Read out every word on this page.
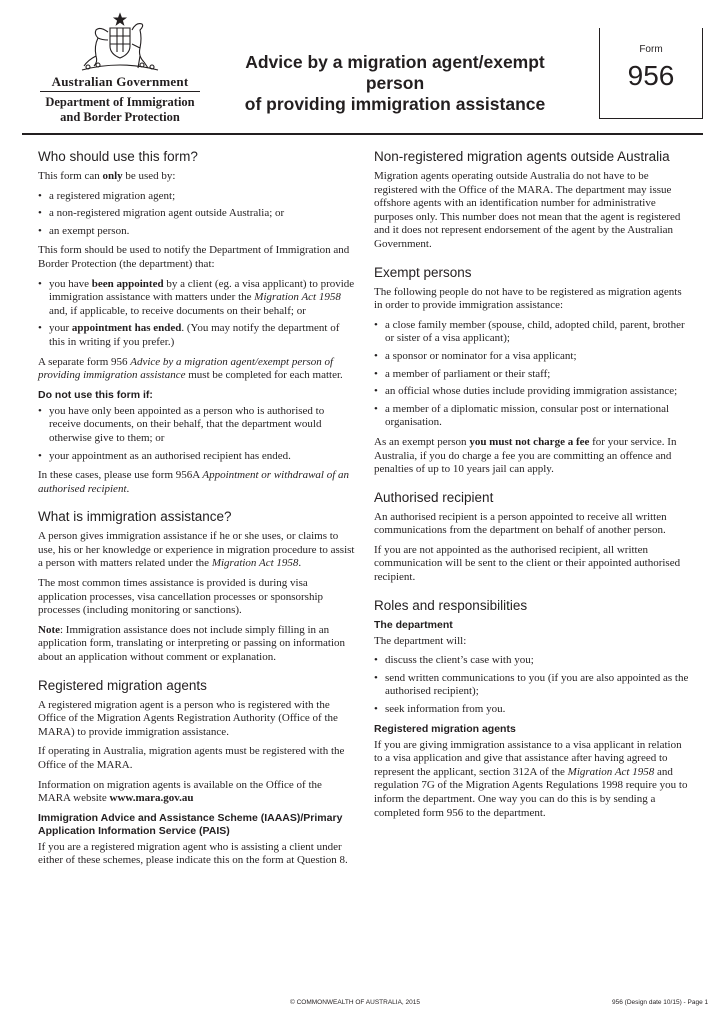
Australian Government
Department of Immigration
and Border Protection
Advice by a migration agent/exempt person
of providing immigration assistance
Form
956
Who should use this form?

This form can only be used by:

• a registered migration agent;
• a non-registered migration agent outside Australia; or
• an exempt person.

This form should be used to notify the Department of Immigration and Border Protection (the department) that:

• you have been appointed by a client (eg. a visa applicant) to provide immigration assistance with matters under the Migration Act 1958 and, if applicable, to receive documents on their behalf; or
• your appointment has ended. (You may notify the department of this in writing if you prefer.)

A separate form 956 Advice by a migration agent/exempt person of providing immigration assistance must be completed for each matter.

Do not use this form if:
• you have only been appointed as a person who is authorised to receive documents, on their behalf, that the department would otherwise give to them; or
• your appointment as an authorised recipient has ended.

In these cases, please use form 956A Appointment or withdrawal of an authorised recipient.

What is immigration assistance?

A person gives immigration assistance if he or she uses, or claims to use, his or her knowledge or experience in migration procedure to assist a person with matters related under the Migration Act 1958.

The most common times assistance is provided is during visa application processes, visa cancellation processes or sponsorship processes (including monitoring or sanctions).

Note: Immigration assistance does not include simply filling in an application form, translating or interpreting or passing on information about an application without comment or explanation.

Registered migration agents

A registered migration agent is a person who is registered with the Office of the Migration Agents Registration Authority (Office of the MARA) to provide immigration assistance.

If operating in Australia, migration agents must be registered with the Office of the MARA.

Information on migration agents is available on the Office of the MARA website www.mara.gov.au

Immigration Advice and Assistance Scheme (IAAAS)/Primary Application Information Service (PAIS)

If you are a registered migration agent who is assisting a client under either of these schemes, please indicate this on the form at Question 8.

Non-registered migration agents outside Australia

Migration agents operating outside Australia do not have to be registered with the Office of the MARA. The department may issue offshore agents with an identification number for administrative purposes only. This number does not mean that the agent is registered and it does not represent endorsement of the agent by the Australian Government.

Exempt persons

The following people do not have to be registered as migration agents in order to provide immigration assistance:

• a close family member (spouse, child, adopted child, parent, brother or sister of a visa applicant);
• a sponsor or nominator for a visa applicant;
• a member of parliament or their staff;
• an official whose duties include providing immigration assistance;
• a member of a diplomatic mission, consular post or international organisation.

As an exempt person you must not charge a fee for your service. In Australia, if you do charge a fee you are committing an offence and penalties of up to 10 years jail can apply.

Authorised recipient

An authorised recipient is a person appointed to receive all written communications from the department on behalf of another person.

If you are not appointed as the authorised recipient, all written communication will be sent to the client or their appointed authorised recipient.

Roles and responsibilities
The department

The department will:

• discuss the client’s case with you;
• send written communications to you (if you are also appointed as the authorised recipient);
• seek information from you.
Registered migration agents

If you are giving immigration assistance to a visa applicant in relation to a visa application and give that assistance after having agreed to represent the applicant, section 312A of the Migration Act 1958 and regulation 7G of the Migration Agents Regulations 1998 require you to inform the department. One way you can do this is by sending a completed form 956 to the department.

© COMMONWEALTH OF AUSTRALIA, 2015	956 (Design date 10/15) - Page 1
